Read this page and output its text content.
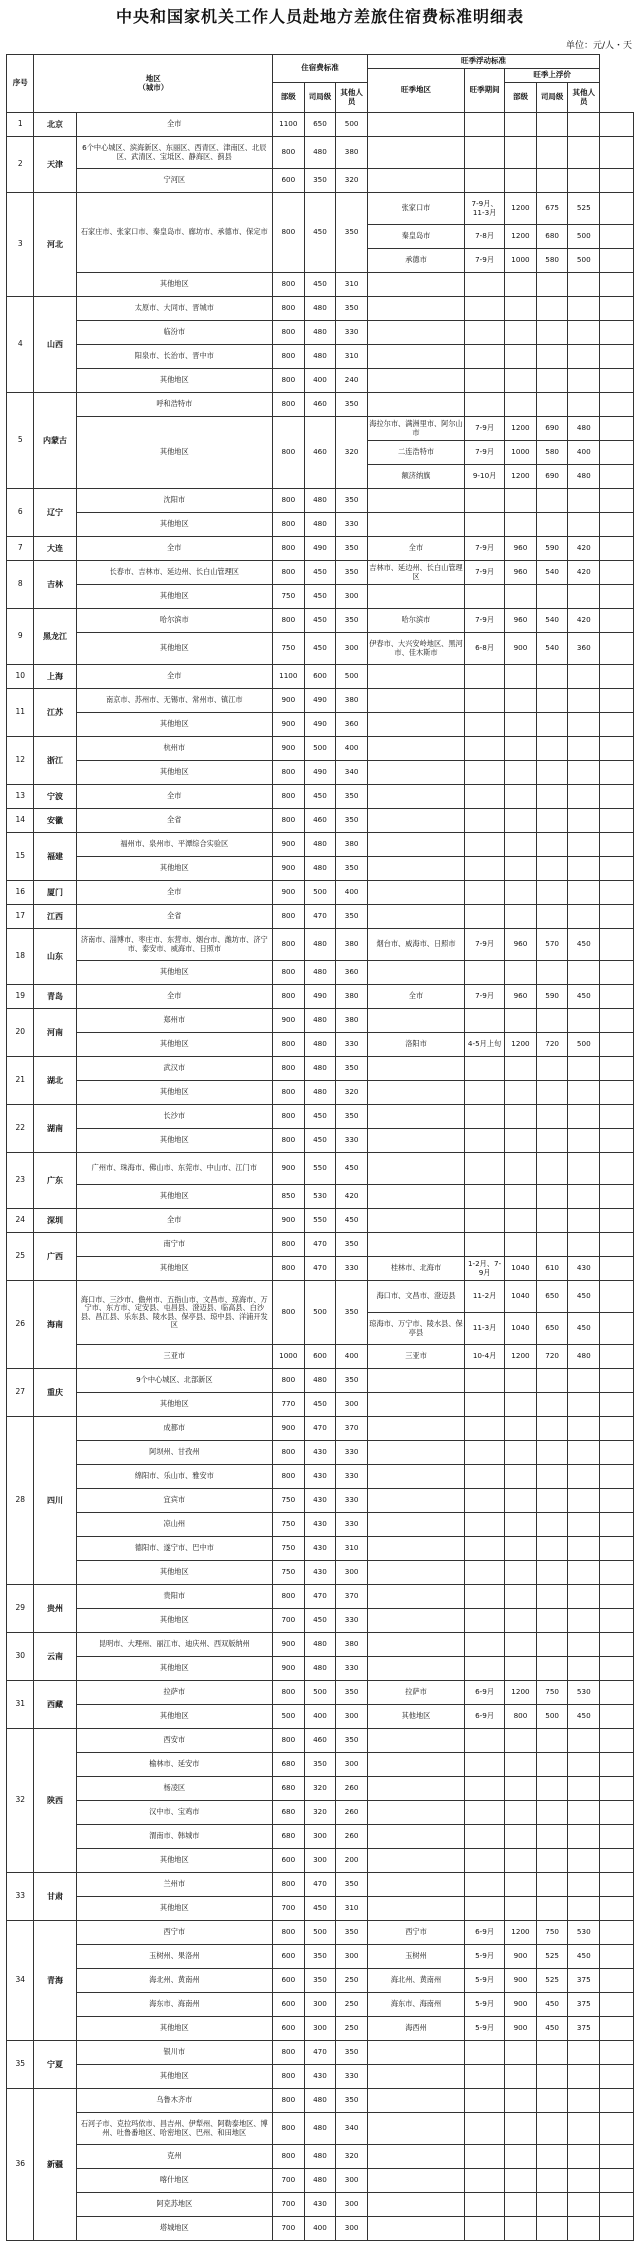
中央和国家机关工作人员赴地方差旅住宿费标准明细表
单位：元/人・天
序号	地区
（城市）		住宿费标准			旺季浮动标准					
						旺季地区	旺季期间	旺季上浮价			
			部级	司局级	其他人员			部级	司局级	其他人员	
1	北京	全市	1100	650	500						
2	天津	6个中心城区、滨海新区、东丽区、西青区、津南区、北辰区、武清区、宝坻区、静海区、蓟县	800	480	380						
		宁河区	600	350	320						
3	河北	石家庄市、张家口市、秦皇岛市、廊坊市、承德市、保定市	800	450	350	张家口市	7-9月、11-3月	1200	675	525	
						秦皇岛市	7-8月	1200	680	500	
						承德市	7-9月	1000	580	500	
		其他地区	800	450	310						
4	山西	太原市、大同市、晋城市	800	480	350						
		临汾市	800	480	330						
		阳泉市、长治市、晋中市	800	480	310						
		其他地区	800	400	240						
5	内蒙古	呼和浩特市	800	460	350						
		其他地区	800	460	320	海拉尔市、满洲里市、阿尔山市	7-9月	1200	690	480	
						二连浩特市	7-9月	1000	580	400	
						额济纳旗	9-10月	1200	690	480	
6	辽宁	沈阳市	800	480	350						
		其他地区	800	480	330						
7	大连	全市	800	490	350	全市	7-9月	960	590	420	
8	吉林	长春市、吉林市、延边州、长白山管理区	800	450	350	吉林市、延边州、长白山管理区	7-9月	960	540	420	
		其他地区	750	450	300						
9	黑龙江	哈尔滨市	800	450	350	哈尔滨市	7-9月	960	540	420	
		其他地区	750	450	300	伊春市、大兴安岭地区、黑河市、佳木斯市	6-8月	900	540	360	
10	上海	全市	1100	600	500						
11	江苏	南京市、苏州市、无锡市、常州市、镇江市	900	490	380						
		其他地区	900	490	360						
12	浙江	杭州市	900	500	400						
		其他地区	800	490	340						
13	宁波	全市	800	450	350						
14	安徽	全省	800	460	350						
15	福建	福州市、泉州市、平潭综合实验区	900	480	380						
		其他地区	900	480	350						
16	厦门	全市	900	500	400						
17	江西	全省	800	470	350						
18	山东	济南市、淄博市、枣庄市、东营市、烟台市、潍坊市、济宁市、泰安市、威海市、日照市	800	480	380	烟台市、威海市、日照市	7-9月	960	570	450	
		其他地区	800	480	360						
19	青岛	全市	800	490	380	全市	7-9月	960	590	450	
20	河南	郑州市	900	480	380						
		其他地区	800	480	330	洛阳市	4-5月上旬	1200	720	500	
21	湖北	武汉市	800	480	350						
		其他地区	800	480	320						
22	湖南	长沙市	800	450	350						
		其他地区	800	450	330						
23	广东	广州市、珠海市、佛山市、东莞市、中山市、江门市	900	550	450						
		其他地区	850	530	420						
24	深圳	全市	900	550	450						
25	广西	南宁市	800	470	350						
		其他地区	800	470	330	桂林市、北海市	1-2月、7-9月	1040	610	430	
26	海南	海口市、三沙市、儋州市、五指山市、文昌市、琼海市、万宁市、东方市、定安县、屯昌县、澄迈县、临高县、白沙县、昌江县、乐东县、陵水县、保亭县、琼中县、洋浦开发区	800	500	350	海口市、文昌市、澄迈县	11-2月	1040	650	450	
						琼海市、万宁市、陵水县、保亭县	11-3月	1040	650	450	
		三亚市	1000	600	400	三亚市	10-4月	1200	720	480	
27	重庆	9个中心城区、北部新区	800	480	350						
		其他地区	770	450	300						
28	四川	成都市	900	470	370						
		阿坝州、甘孜州	800	430	330						
		绵阳市、乐山市、雅安市	800	430	330						
		宜宾市	750	430	330						
		凉山州	750	430	330						
		德阳市、遂宁市、巴中市	750	430	310						
		其他地区	750	430	300						
29	贵州	贵阳市	800	470	370						
		其他地区	700	450	330						
30	云南	昆明市、大理州、丽江市、迪庆州、西双版纳州	900	480	380						
		其他地区	900	480	330						
31	西藏	拉萨市	800	500	350	拉萨市	6-9月	1200	750	530	
		其他地区	500	400	300	其他地区	6-9月	800	500	450	
32	陕西	西安市	800	460	350						
		榆林市、延安市	680	350	300						
		杨凌区	680	320	260						
		汉中市、宝鸡市	680	320	260						
		渭南市、韩城市	680	300	260						
		其他地区	600	300	200						
33	甘肃	兰州市	800	470	350						
		其他地区	700	450	310						
34	青海	西宁市	800	500	350	西宁市	6-9月	1200	750	530	
		玉树州、果洛州	600	350	300	玉树州	5-9月	900	525	450	
		海北州、黄南州	600	350	250	海北州、黄南州	5-9月	900	525	375	
		海东市、海南州	600	300	250	海东市、海南州	5-9月	900	450	375	
		其他地区	600	300	250	海西州	5-9月	900	450	375	
35	宁夏	银川市	800	470	350						
		其他地区	800	430	330						
36	新疆	乌鲁木齐市	800	480	350						
		石河子市、克拉玛依市、昌吉州、伊犁州、阿勒泰地区、博州、吐鲁番地区、哈密地区、巴州、和田地区	800	480	340						
		克州	800	480	320						
		喀什地区	700	480	300						
		阿克苏地区	700	430	300						
		塔城地区	700	400	300						
